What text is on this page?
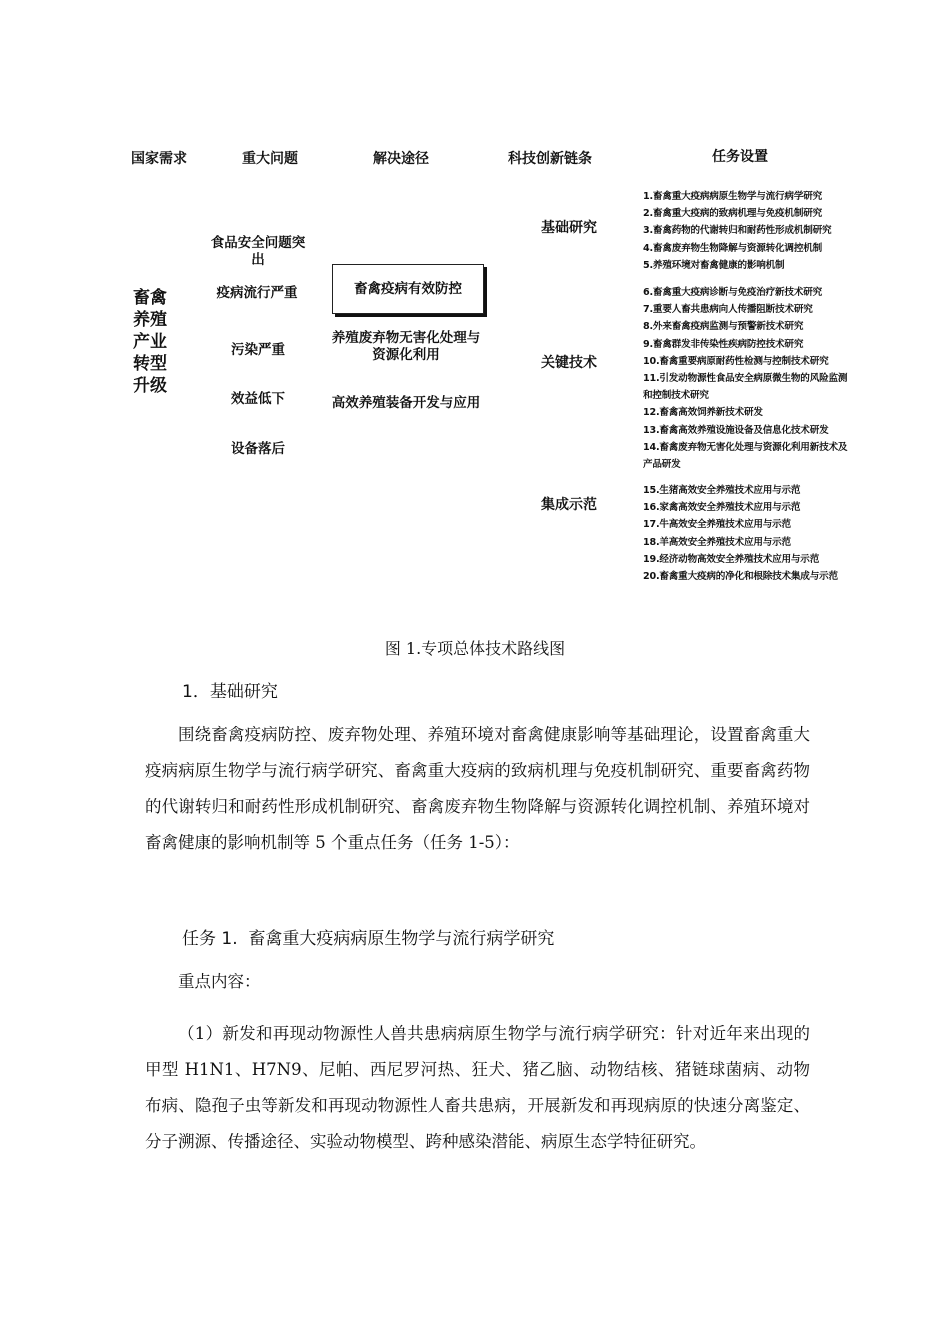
国家需求	重大问题	解决途径	科技创新链条	任务设置
畜禽养殖产业转型升级
食品安全问题突出
疫病流行严重
污染严重
效益低下
设备落后
畜禽疫病有效防控
养殖废弃物无害化处理与资源化利用
高效养殖装备开发与应用
基础研究
关键技术
集成示范
1.畜禽重大疫病病原生物学与流行病学研究
2.畜禽重大疫病的致病机理与免疫机制研究
3.畜禽药物的代谢转归和耐药性形成机制研究
4.畜禽废弃物生物降解与资源转化调控机制
5.养殖环境对畜禽健康的影响机制
6.畜禽重大疫病诊断与免疫治疗新技术研究
7.重要人畜共患病向人传播阻断技术研究
8.外来畜禽疫病监测与预警新技术研究
9.畜禽群发非传染性疾病防控技术研究
10.畜禽重要病原耐药性检测与控制技术研究
11.引发动物源性食品安全病原微生物的风险监测和控制技术研究
12.畜禽高效饲养新技术研发
13.畜禽高效养殖设施设备及信息化技术研发
14.畜禽废弃物无害化处理与资源化利用新技术及产品研发
15.生猪高效安全养殖技术应用与示范
16.家禽高效安全养殖技术应用与示范
17.牛高效安全养殖技术应用与示范
18.羊高效安全养殖技术应用与示范
19.经济动物高效安全养殖技术应用与示范
20.畜禽重大疫病的净化和根除技术集成与示范
图 1.专项总体技术路线图
1．基础研究
围绕畜禽疫病防控、废弃物处理、养殖环境对畜禽健康影响等基础理论，设置畜禽重大疫病病原生物学与流行病学研究、畜禽重大疫病的致病机理与免疫机制研究、重要畜禽药物的代谢转归和耐药性形成机制研究、畜禽废弃物生物降解与资源转化调控机制、养殖环境对畜禽健康的影响机制等 5 个重点任务（任务 1-5）：
任务 1.  畜禽重大疫病病原生物学与流行病学研究
重点内容：
（1）新发和再现动物源性人兽共患病病原生物学与流行病学研究：针对近年来出现的甲型 H1N1、H7N9、尼帕、西尼罗河热、狂犬、猪乙脑、动物结核、猪链球菌病、动物布病、隐孢子虫等新发和再现动物源性人畜共患病，开展新发和再现病原的快速分离鉴定、分子溯源、传播途径、实验动物模型、跨种感染潜能、病原生态学特征研究。
